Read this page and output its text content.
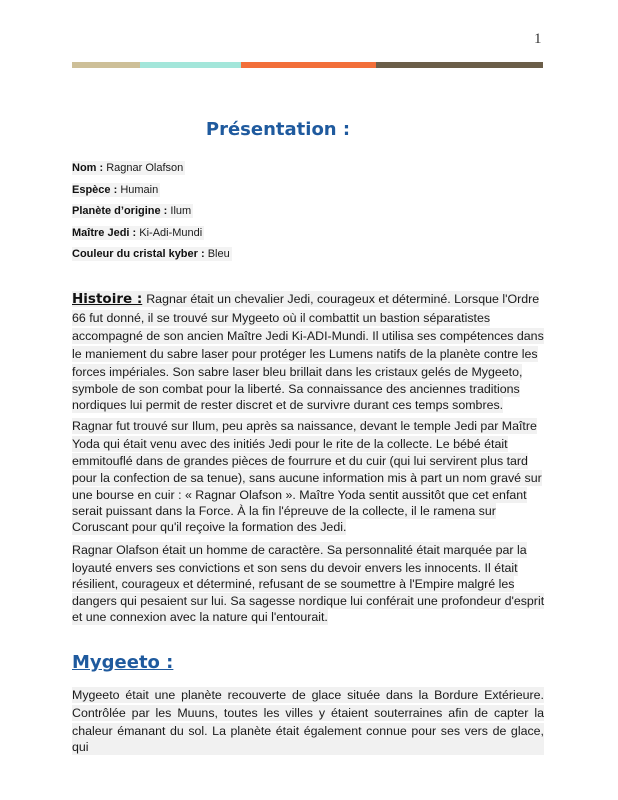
1
Présentation :
Nom : Ragnar Olafson
Espèce : Humain
Planète d’origine : Ilum
Maître Jedi : Ki-Adi-Mundi
Couleur du cristal kyber : Bleu
Histoire : Ragnar était un chevalier Jedi, courageux et déterminé. Lorsque l'Ordre
66 fut donné, il se trouvé sur Mygeeto où il combattit un bastion séparatistes
accompagné de son ancien Maître Jedi Ki-ADI-Mundi. Il utilisa ses compétences dans
le maniement du sabre laser pour protéger les Lumens natifs de la planète contre les
forces impériales. Son sabre laser bleu brillait dans les cristaux gelés de Mygeeto,
symbole de son combat pour la liberté. Sa connaissance des anciennes traditions
nordiques lui permit de rester discret et de survivre durant ces temps sombres.
Ragnar fut trouvé sur Ilum, peu après sa naissance, devant le temple Jedi par Maître
Yoda qui était venu avec des initiés Jedi pour le rite de la collecte. Le bébé était
emmitouflé dans de grandes pièces de fourrure et du cuir (qui lui servirent plus tard
pour la confection de sa tenue), sans aucune information mis à part un nom gravé sur
une bourse en cuir : « Ragnar Olafson ». Maître Yoda sentit aussitôt que cet enfant
serait puissant dans la Force. À la fin l'épreuve de la collecte, il le ramena sur
Coruscant pour qu'il reçoive la formation des Jedi.
Ragnar Olafson était un homme de caractère. Sa personnalité était marquée par la
loyauté envers ses convictions et son sens du devoir envers les innocents. Il était
résilient, courageux et déterminé, refusant de se soumettre à l'Empire malgré les
dangers qui pesaient sur lui. Sa sagesse nordique lui conférait une profondeur d'esprit
et une connexion avec la nature qui l'entourait.
Mygeeto :
Mygeeto était une planète recouverte de glace située dans la Bordure Extérieure.
Contrôlée par les Muuns, toutes les villes y étaient souterraines afin de capter la
chaleur émanant du sol. La planète était également connue pour ses vers de glace, qui
